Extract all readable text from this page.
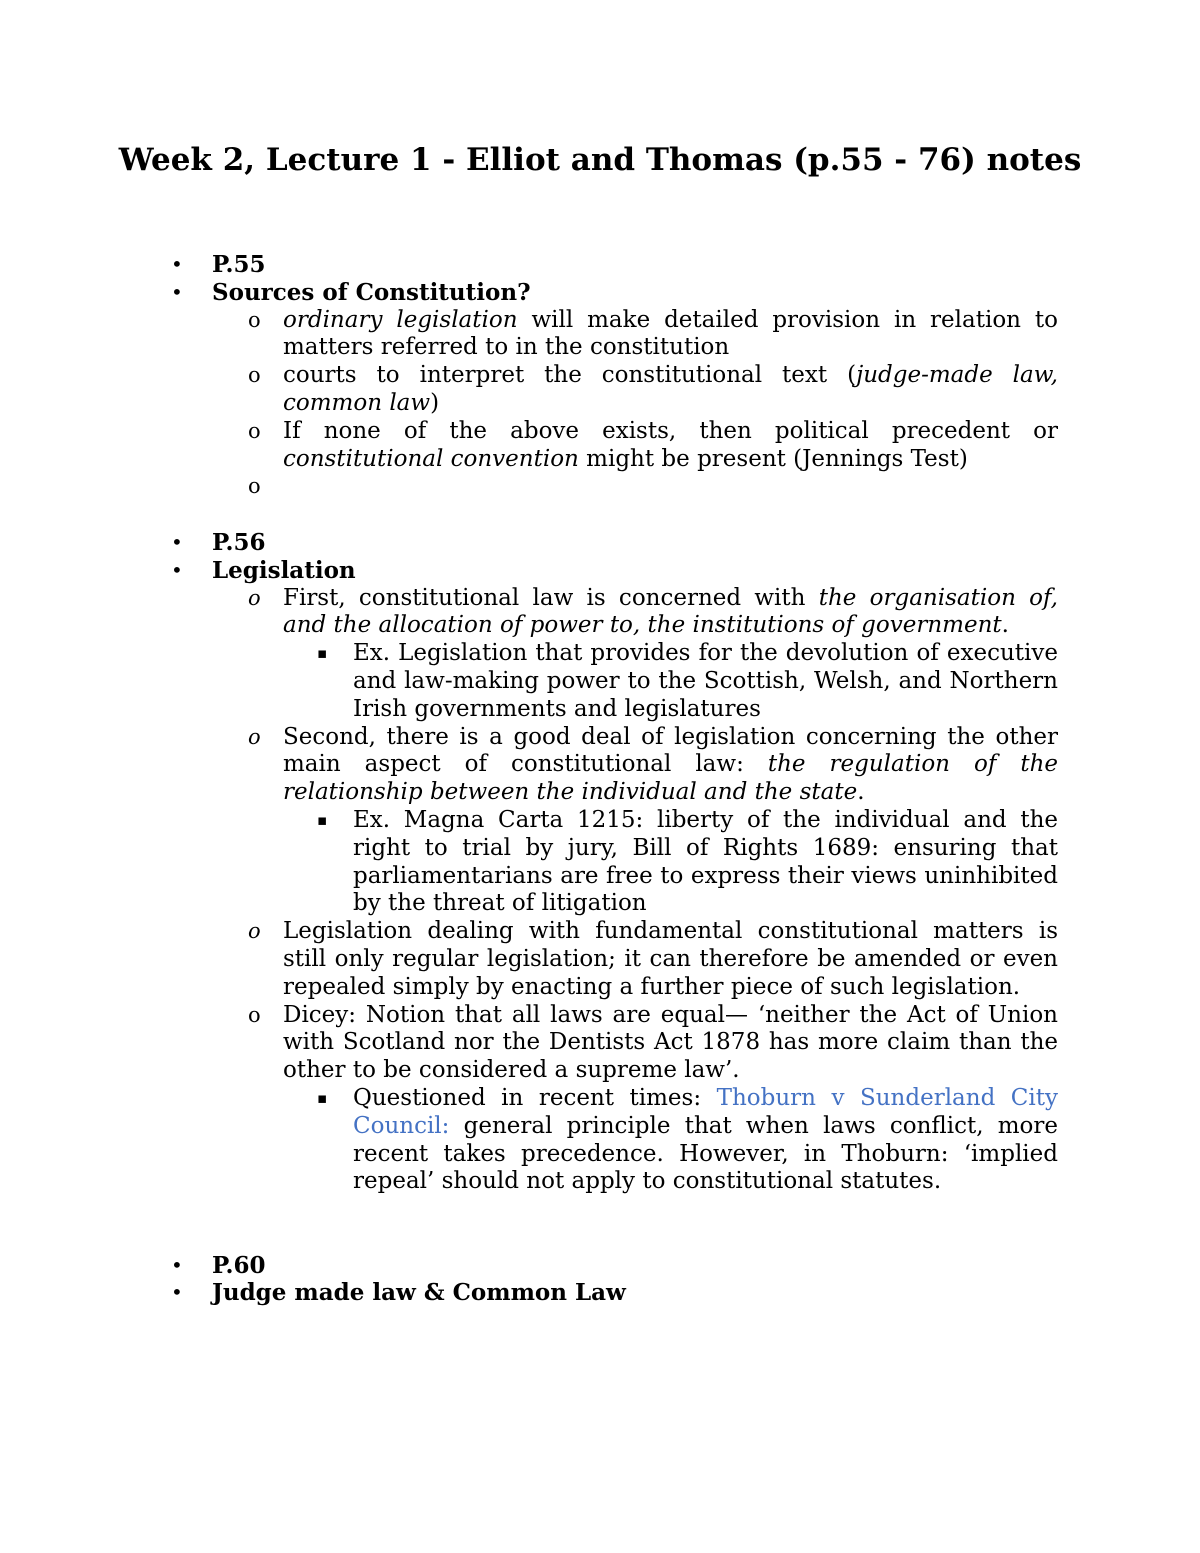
Week 2, Lecture 1 - Elliot and Thomas (p.55 - 76) notes
• P.55
• Sources of Constitution?
o ordinary legislation will make detailed provision in relation to matters referred to in the constitution
o courts to interpret the constitutional text (judge-made law, common law)
o If none of the above exists, then political precedent or constitutional convention might be present (Jennings Test)
o

• P.56
• Legislation
o First, constitutional law is concerned with the organisation of, and the allocation of power to, the institutions of government.
▪ Ex. Legislation that provides for the devolution of executive and law-making power to the Scottish, Welsh, and Northern Irish governments and legislatures
o Second, there is a good deal of legislation concerning the other main aspect of constitutional law: the regulation of the relationship between the individual and the state.
▪ Ex. Magna Carta 1215: liberty of the individual and the right to trial by jury, Bill of Rights 1689: ensuring that parliamentarians are free to express their views uninhibited by the threat of litigation
o Legislation dealing with fundamental constitutional matters is still only regular legislation; it can therefore be amended or even repealed simply by enacting a further piece of such legislation.
o Dicey: Notion that all laws are equal— ‘neither the Act of Union with Scotland nor the Dentists Act 1878 has more claim than the other to be considered a supreme law’.
▪ Questioned in recent times: Thoburn v Sunderland City Council: general principle that when laws conflict, more recent takes precedence. However, in Thoburn: ‘implied repeal’ should not apply to constitutional statutes.
• P.60
• Judge made law & Common Law
